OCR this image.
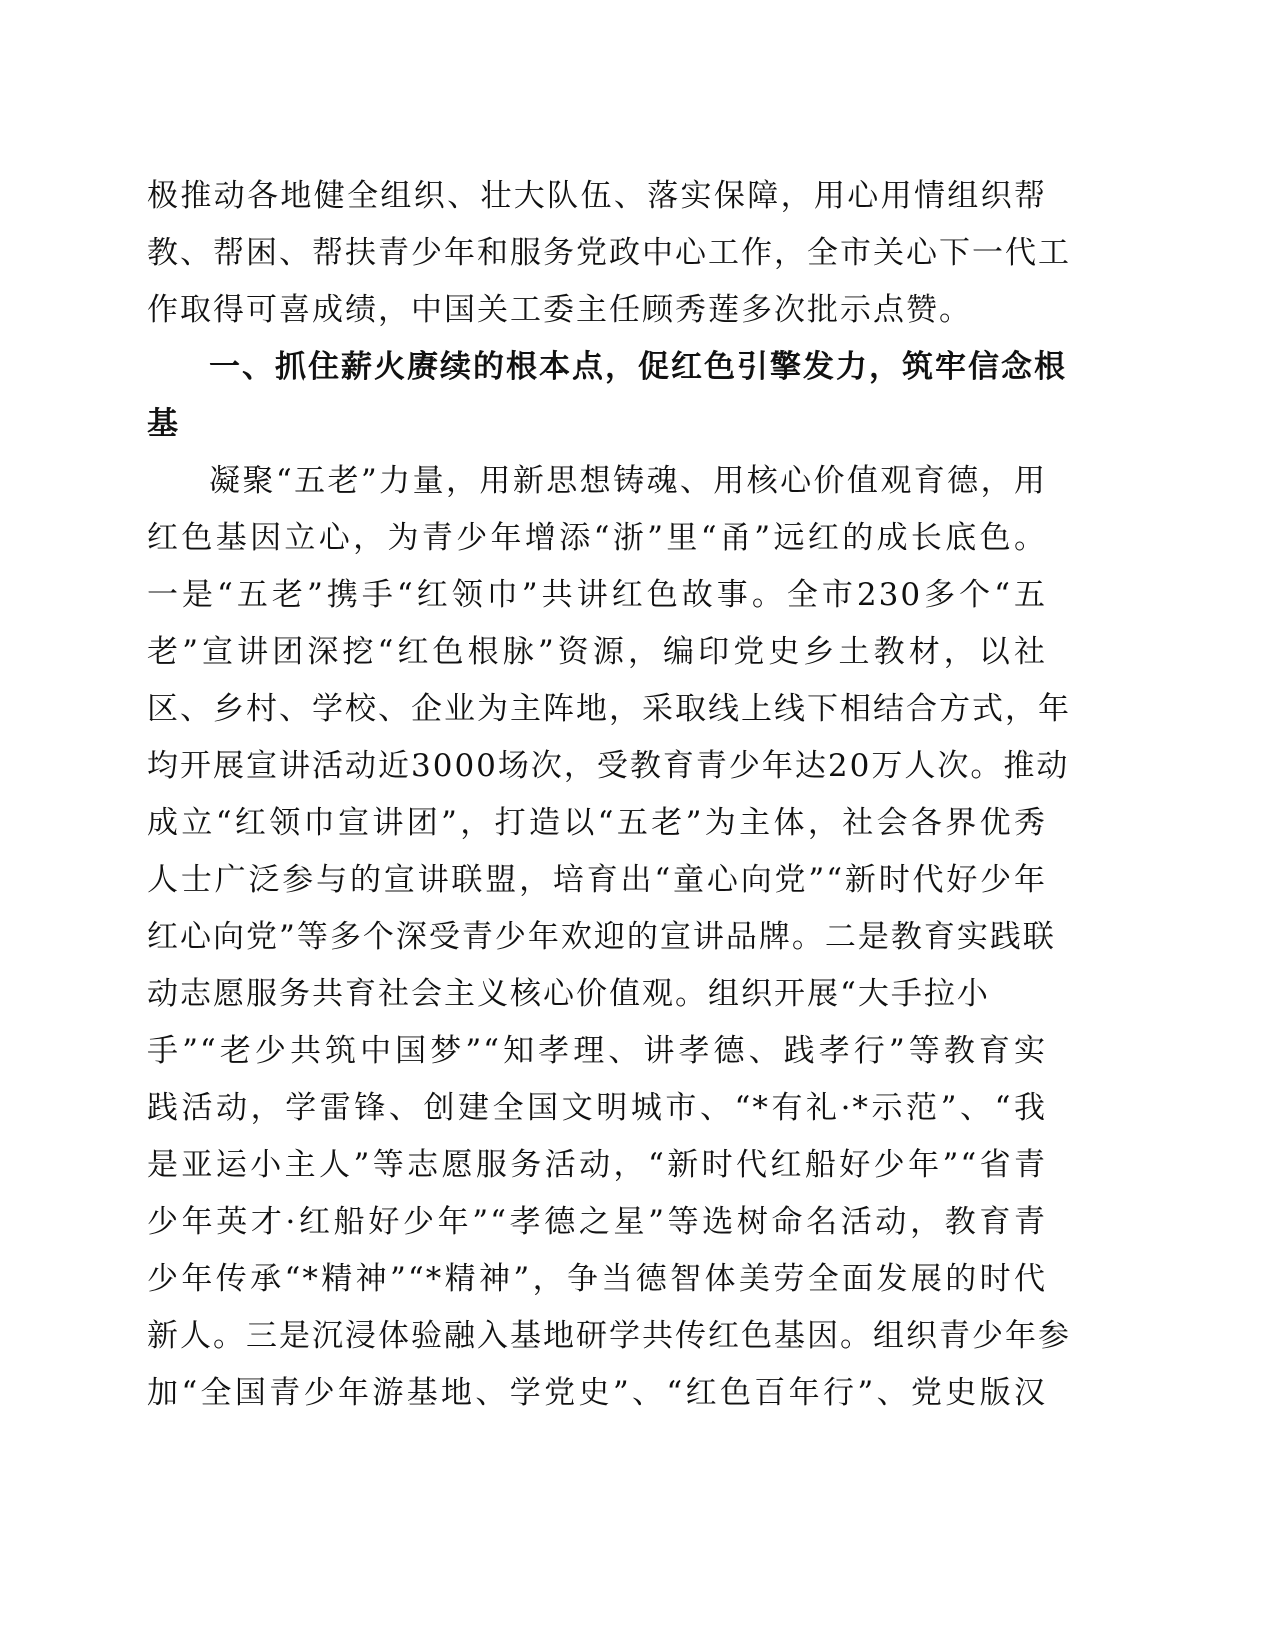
极推动各地健全组织、壮大队伍、落实保障，用心用情组织帮
教、帮困、帮扶青少年和服务党政中心工作，全市关心下一代工
作取得可喜成绩，中国关工委主任顾秀莲多次批示点赞。
一、抓住薪火赓续的根本点，促红色引擎发力，筑牢信念根
基
凝聚“五老”力量，用新思想铸魂、用核心价值观育德，用
红色基因立心，为青少年增添“浙”里“甬”远红的成长底色。
一是“五老”携手“红领巾”共讲红色故事。全市230多个“五
老”宣讲团深挖“红色根脉”资源，编印党史乡土教材，以社
区、乡村、学校、企业为主阵地，采取线上线下相结合方式，年
均开展宣讲活动近3000场次，受教育青少年达20万人次。推动
成立“红领巾宣讲团”，打造以“五老”为主体，社会各界优秀
人士广泛参与的宣讲联盟，培育出“童心向党”“新时代好少年
红心向党”等多个深受青少年欢迎的宣讲品牌。二是教育实践联
动志愿服务共育社会主义核心价值观。组织开展“大手拉小
手”“老少共筑中国梦”“知孝理、讲孝德、践孝行”等教育实
践活动，学雷锋、创建全国文明城市、“*有礼·*示范”、“我
是亚运小主人”等志愿服务活动，“新时代红船好少年”“省青
少年英才·红船好少年”“孝德之星”等选树命名活动，教育青
少年传承“*精神”“*精神”，争当德智体美劳全面发展的时代
新人。三是沉浸体验融入基地研学共传红色基因。组织青少年参
加“全国青少年游基地、学党史”、“红色百年行”、党史版汉
